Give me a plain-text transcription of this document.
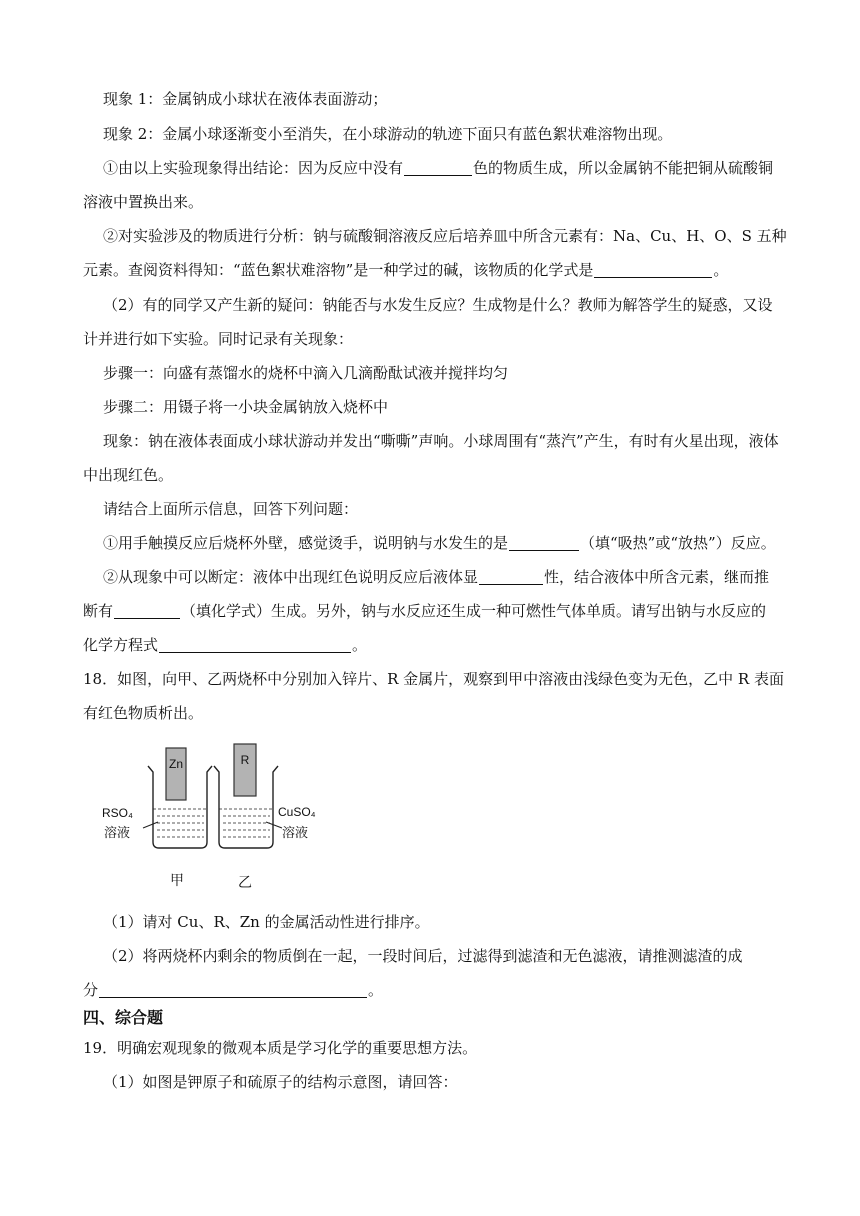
现象 1：金属钠成小球状在液体表面游动；
现象 2：金属小球逐渐变小至消失，在小球游动的轨迹下面只有蓝色絮状难溶物出现。
①由以上实验现象得出结论：因为反应中没有	色的物质生成，所以金属钠不能把铜从硫酸铜
溶液中置换出来。
②对实验涉及的物质进行分析：钠与硫酸铜溶液反应后培养皿中所含元素有：Na、Cu、H、O、S 五种
元素。查阅资料得知：“蓝色絮状难溶物”是一种学过的碱，该物质的化学式是	。
（2）有的同学又产生新的疑问：钠能否与水发生反应？生成物是什么？教师为解答学生的疑惑，又设
计并进行如下实验。同时记录有关现象：
步骤一：向盛有蒸馏水的烧杯中滴入几滴酚酞试液并搅拌均匀
步骤二：用镊子将一小块金属钠放入烧杯中
现象：钠在液体表面成小球状游动并发出“嘶嘶”声响。小球周围有“蒸汽”产生，有时有火星出现，液体
中出现红色。
请结合上面所示信息，回答下列问题：
①用手触摸反应后烧杯外壁，感觉烫手，说明钠与水发生的是	（填“吸热”或“放热”）反应。
②从现象中可以断定：液体中出现红色说明反应后液体显	性，结合液体中所含元素，继而推
断有	（填化学式）生成。另外，钠与水反应还生成一种可燃性气体单质。请写出钠与水反应的
化学方程式	。
18．如图，向甲、乙两烧杯中分别加入锌片、R 金属片，观察到甲中溶液由浅绿色变为无色，乙中 R 表面
有红色物质析出。
Zn	R
RSO₄
溶液
CuSO₄
溶液
甲	乙
（1）请对 Cu、R、Zn 的金属活动性进行排序。
（2）将两烧杯内剩余的物质倒在一起，一段时间后，过滤得到滤渣和无色滤液，请推测滤渣的成
分	。
四、综合题
19．明确宏观现象的微观本质是学习化学的重要思想方法。
（1）如图是钾原子和硫原子的结构示意图，请回答：
